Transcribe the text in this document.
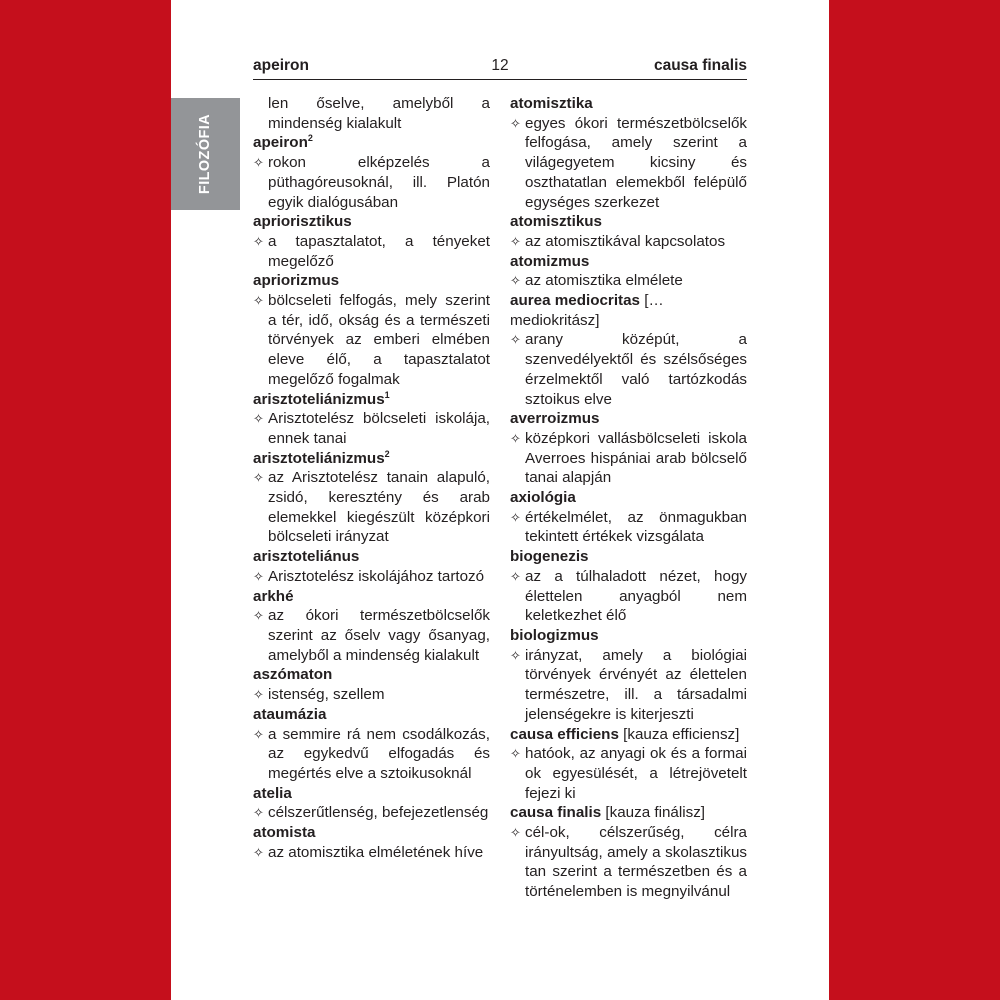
FILOZÓFIA
apeiron	12	causa finalis
len őselve, amelyből a mindenség kialakult
apeiron$^2$
✧ rokon elképzelés a püthagóreusoknál, ill. Platón egyik dialógusában
apriorisztikus
✧ a tapasztalatot, a tényeket megelőző
apriorizmus
✧ bölcseleti felfogás, mely szerint a tér, idő, okság és a természeti törvények az emberi elmében eleve élő, a tapasztalatot megelőző fogalmak
arisztoteliánizmus$^1$
✧ Arisztotelész bölcseleti iskolája, ennek tanai
arisztoteliánizmus$^2$
✧ az Arisztotelész tanain alapuló, zsidó, keresztény és arab elemekkel kiegészült középkori bölcseleti irányzat
arisztoteliánus
✧ Arisztotelész iskolájához tartozó
arkhé
✧ az ókori természetbölcselők szerint az őselv vagy ősanyag, amelyből a mindenség kialakult
aszómaton
✧ istenség, szellem
ataumázia
✧ a semmire rá nem csodálkozás, az egykedvű elfogadás és megértés elve a sztoikusoknál
atelia
✧ célszerűtlenség, befejezetlenség
atomista
✧ az atomisztika elméletének híve
atomisztika
✧ egyes ókori természetbölcselők felfogása, amely szerint a világegyetem kicsiny és oszthatatlan elemekből felépülő egységes szerkezet
atomisztikus
✧ az atomisztikával kapcsolatos
atomizmus
✧ az atomisztika elmélete
aurea mediocritas [… mediokritász]
✧ arany középút, a szenvedélyektől és szélsőséges érzelmektől való tartózkodás sztoikus elve
averroizmus
✧ középkori vallásbölcseleti iskola Averroes hispániai arab bölcselő tanai alapján
axiológia
✧ értékelmélet, az önmagukban tekintett értékek vizsgálata
biogenezis
✧ az a túlhaladott nézet, hogy élettelen anyagból nem keletkezhet élő
biologizmus
✧ irányzat, amely a biológiai törvények érvényét az élettelen természetre, ill. a társadalmi jelenségekre is kiterjeszti
causa efficiens [kauza efficiensz]
✧ hatóok, az anyagi ok és a formai ok egyesülését, a létrejövetelt fejezi ki
causa finalis [kauza finálisz]
✧ cél-ok, célszerűség, célra irányultság, amely a skolasztikus tan szerint a természetben és a történelemben is megnyilvánul
